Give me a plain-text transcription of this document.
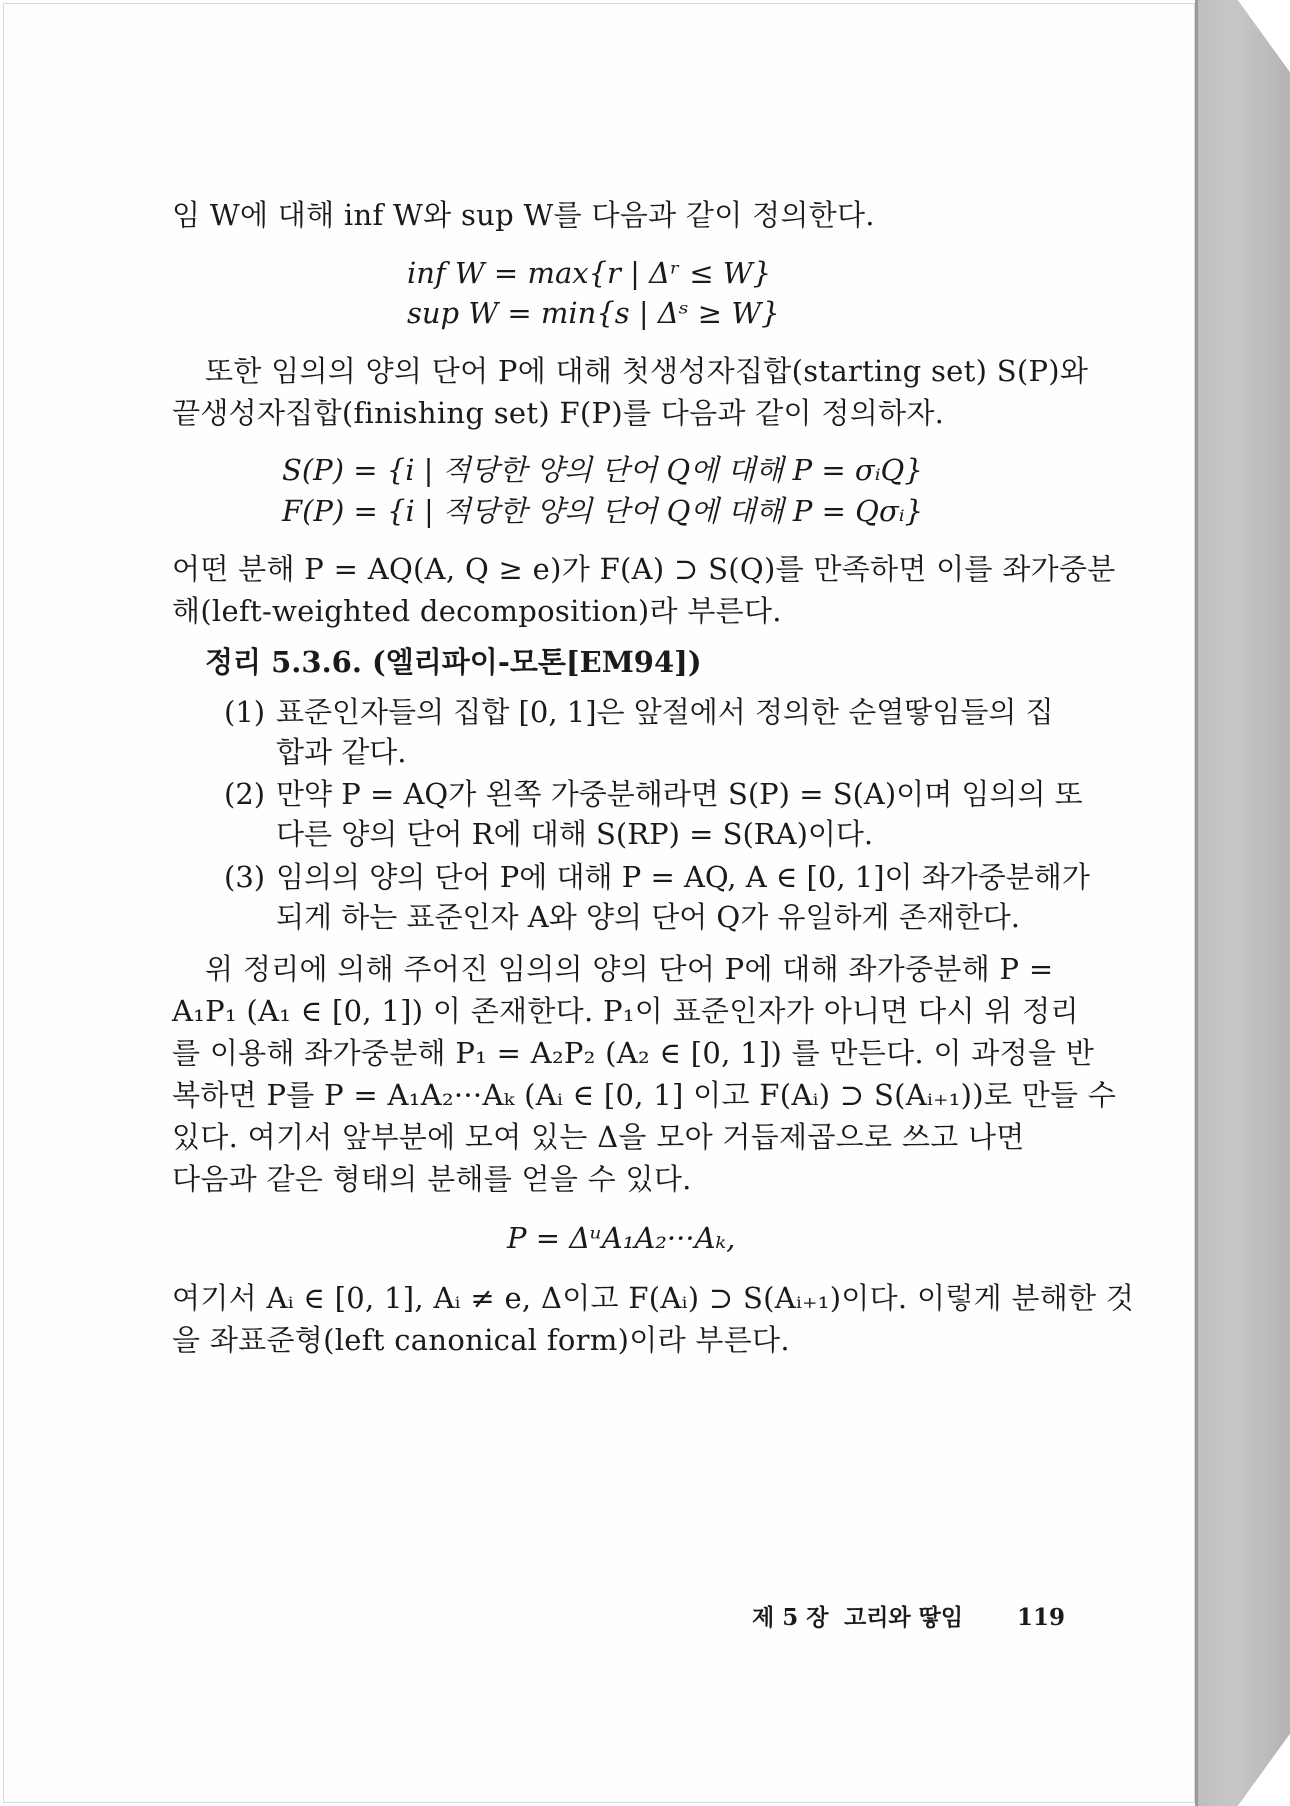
임 W에 대해 inf W와 sup W를 다음과 같이 정의한다.
inf W = max{r | Δʳ ≤ W}
sup W = min{s | Δˢ ≥ W}
또한 임의의 양의 단어 P에 대해 첫생성자집합(starting set) S(P)와
끝생성자집합(finishing set) F(P)를 다음과 같이 정의하자.
S(P) = {i | 적당한 양의 단어 Q에 대해 P = σᵢQ}
F(P) = {i | 적당한 양의 단어 Q에 대해 P = Qσᵢ}
어떤 분해 P = AQ(A, Q ≥ e)가 F(A) ⊃ S(Q)를 만족하면 이를 좌가중분
해(left-weighted decomposition)라 부른다.
정리 5.3.6. (엘리파이-모톤[EM94])
(1) 표준인자들의 집합 [0, 1]은 앞절에서 정의한 순열땋임들의 집
합과 같다.
(2) 만약 P = AQ가 왼쪽 가중분해라면 S(P) = S(A)이며 임의의 또
다른 양의 단어 R에 대해 S(RP) = S(RA)이다.
(3) 임의의 양의 단어 P에 대해 P = AQ, A ∈ [0, 1]이 좌가중분해가
되게 하는 표준인자 A와 양의 단어 Q가 유일하게 존재한다.
위 정리에 의해 주어진 임의의 양의 단어 P에 대해 좌가중분해 P =
A₁P₁ (A₁ ∈ [0, 1]) 이 존재한다. P₁이 표준인자가 아니면 다시 위 정리
를 이용해 좌가중분해 P₁ = A₂P₂ (A₂ ∈ [0, 1]) 를 만든다. 이 과정을 반
복하면 P를 P = A₁A₂···Aₖ (Aᵢ ∈ [0, 1] 이고 F(Aᵢ) ⊃ S(Aᵢ₊₁))로 만들 수
있다. 여기서 앞부분에 모여 있는 Δ을 모아 거듭제곱으로 쓰고 나면
다음과 같은 형태의 분해를 얻을 수 있다.
P = ΔᵘA₁A₂···Aₖ,
여기서 Aᵢ ∈ [0, 1], Aᵢ ≠ e, Δ이고 F(Aᵢ) ⊃ S(Aᵢ₊₁)이다. 이렇게 분해한 것
을 좌표준형(left canonical form)이라 부른다.
제 5 장 고리와 땋임 119
